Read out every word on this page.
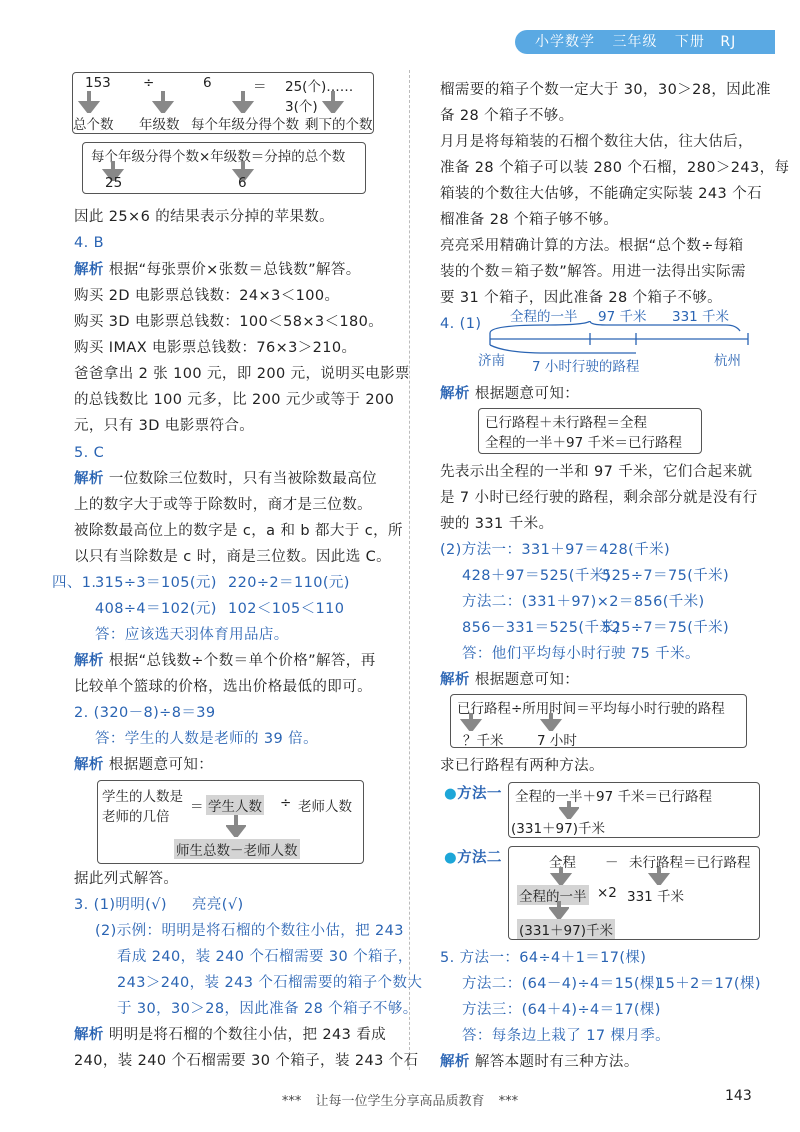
小学数学 三年级 下册 RJ
153 ÷	6	＝ 25(个)……3(个)
总个数 年级数 每个年级分得个数 剩下的个数
每个年级分得个数×年级数＝分掉的总个数
25	6
因此 25×6 的结果表示分掉的苹果数。
4. B
解析 根据“每张票价×张数＝总钱数”解答。
购买 2D 电影票总钱数：24×3＜100。
购买 3D 电影票总钱数：100＜58×3＜180。
购买 IMAX 电影票总钱数：76×3＞210。
爸爸拿出 2 张 100 元，即 200 元，说明买电影票
的总钱数比 100 元多，比 200 元少或等于 200
元，只有 3D 电影票符合。
5. C
解析 一位数除三位数时，只有当被除数最高位
上的数字大于或等于除数时，商才是三位数。
被除数最高位上的数字是 c，a 和 b 都大于 c，所
以只有当除数是 c 时，商是三位数。因此选 C。
四、1.
315÷3＝105(元) 220÷2＝110(元)
408÷4＝102(元) 102＜105＜110
答：应该选天羽体育用品店。
解析 根据“总钱数÷个数＝单个价格”解答，再
比较单个篮球的价格，选出价格最低的即可。
2. (320－8)÷8＝39
答：学生的人数是老师的 39 倍。
解析 根据题意可知：
学生的人数是
老师的几倍
＝ 学生人数 ÷ 老师人数
师生总数－老师人数
据此列式解答。
3. (1)明明(√) 亮亮(√)
(2)示例：明明是将石榴的个数往小估，把 243
看成 240，装 240 个石榴需要 30 个箱子，
243＞240，装 243 个石榴需要的箱子个数大
于 30，30＞28，因此准备 28 个箱子不够。
解析 明明是将石榴的个数往小估，把 243 看成
240，装 240 个石榴需要 30 个箱子，装 243 个石
榴需要的箱子个数一定大于 30，30＞28，因此准
备 28 个箱子不够。
月月是将每箱装的石榴个数往大估，往大估后，
准备 28 个箱子可以装 280 个石榴，280＞243，每
箱装的个数往大估够，不能确定实际装 243 个石
榴准备 28 个箱子够不够。
亮亮采用精确计算的方法。根据“总个数÷每箱
装的个数＝箱子数”解答。用进一法得出实际需
要 31 个箱子，因此准备 28 个箱子不够。
4. (1) 全程的一半 97 千米 331 千米
济南 7 小时行驶的路程	杭州
解析 根据题意可知：
已行路程＋未行路程＝全程
全程的一半＋97 千米＝已行路程
先表示出全程的一半和 97 千米，它们合起来就
是 7 小时已经行驶的路程，剩余部分就是没有行
驶的 331 千米。
(2)方法一：331＋97＝428(千米)
428＋97＝525(千米)
525÷7＝75(千米)
方法二：(331＋97)×2＝856(千米)
856－331＝525(千米)
525÷7＝75(千米)
答：他们平均每小时行驶 75 千米。
解析 根据题意可知：
已行路程÷所用时间＝平均每小时行驶的路程
？千米 7 小时
求已行路程有两种方法。
●方法一 全程的一半＋97 千米＝已行路程
(331＋97)千米
●方法二	全程 － 未行路程＝已行路程
全程的一半 ×2 331 千米
(331＋97)千米
5. 方法一：64÷4＋1＝17(棵)
方法二：(64－4)÷4＝15(棵)
15＋2＝17(棵)
方法三：(64＋4)÷4＝17(棵)
答：每条边上栽了 17 棵月季。
解析 解答本题时有三种方法。
*** 让每一位学生分享高品质教育 ***	143
